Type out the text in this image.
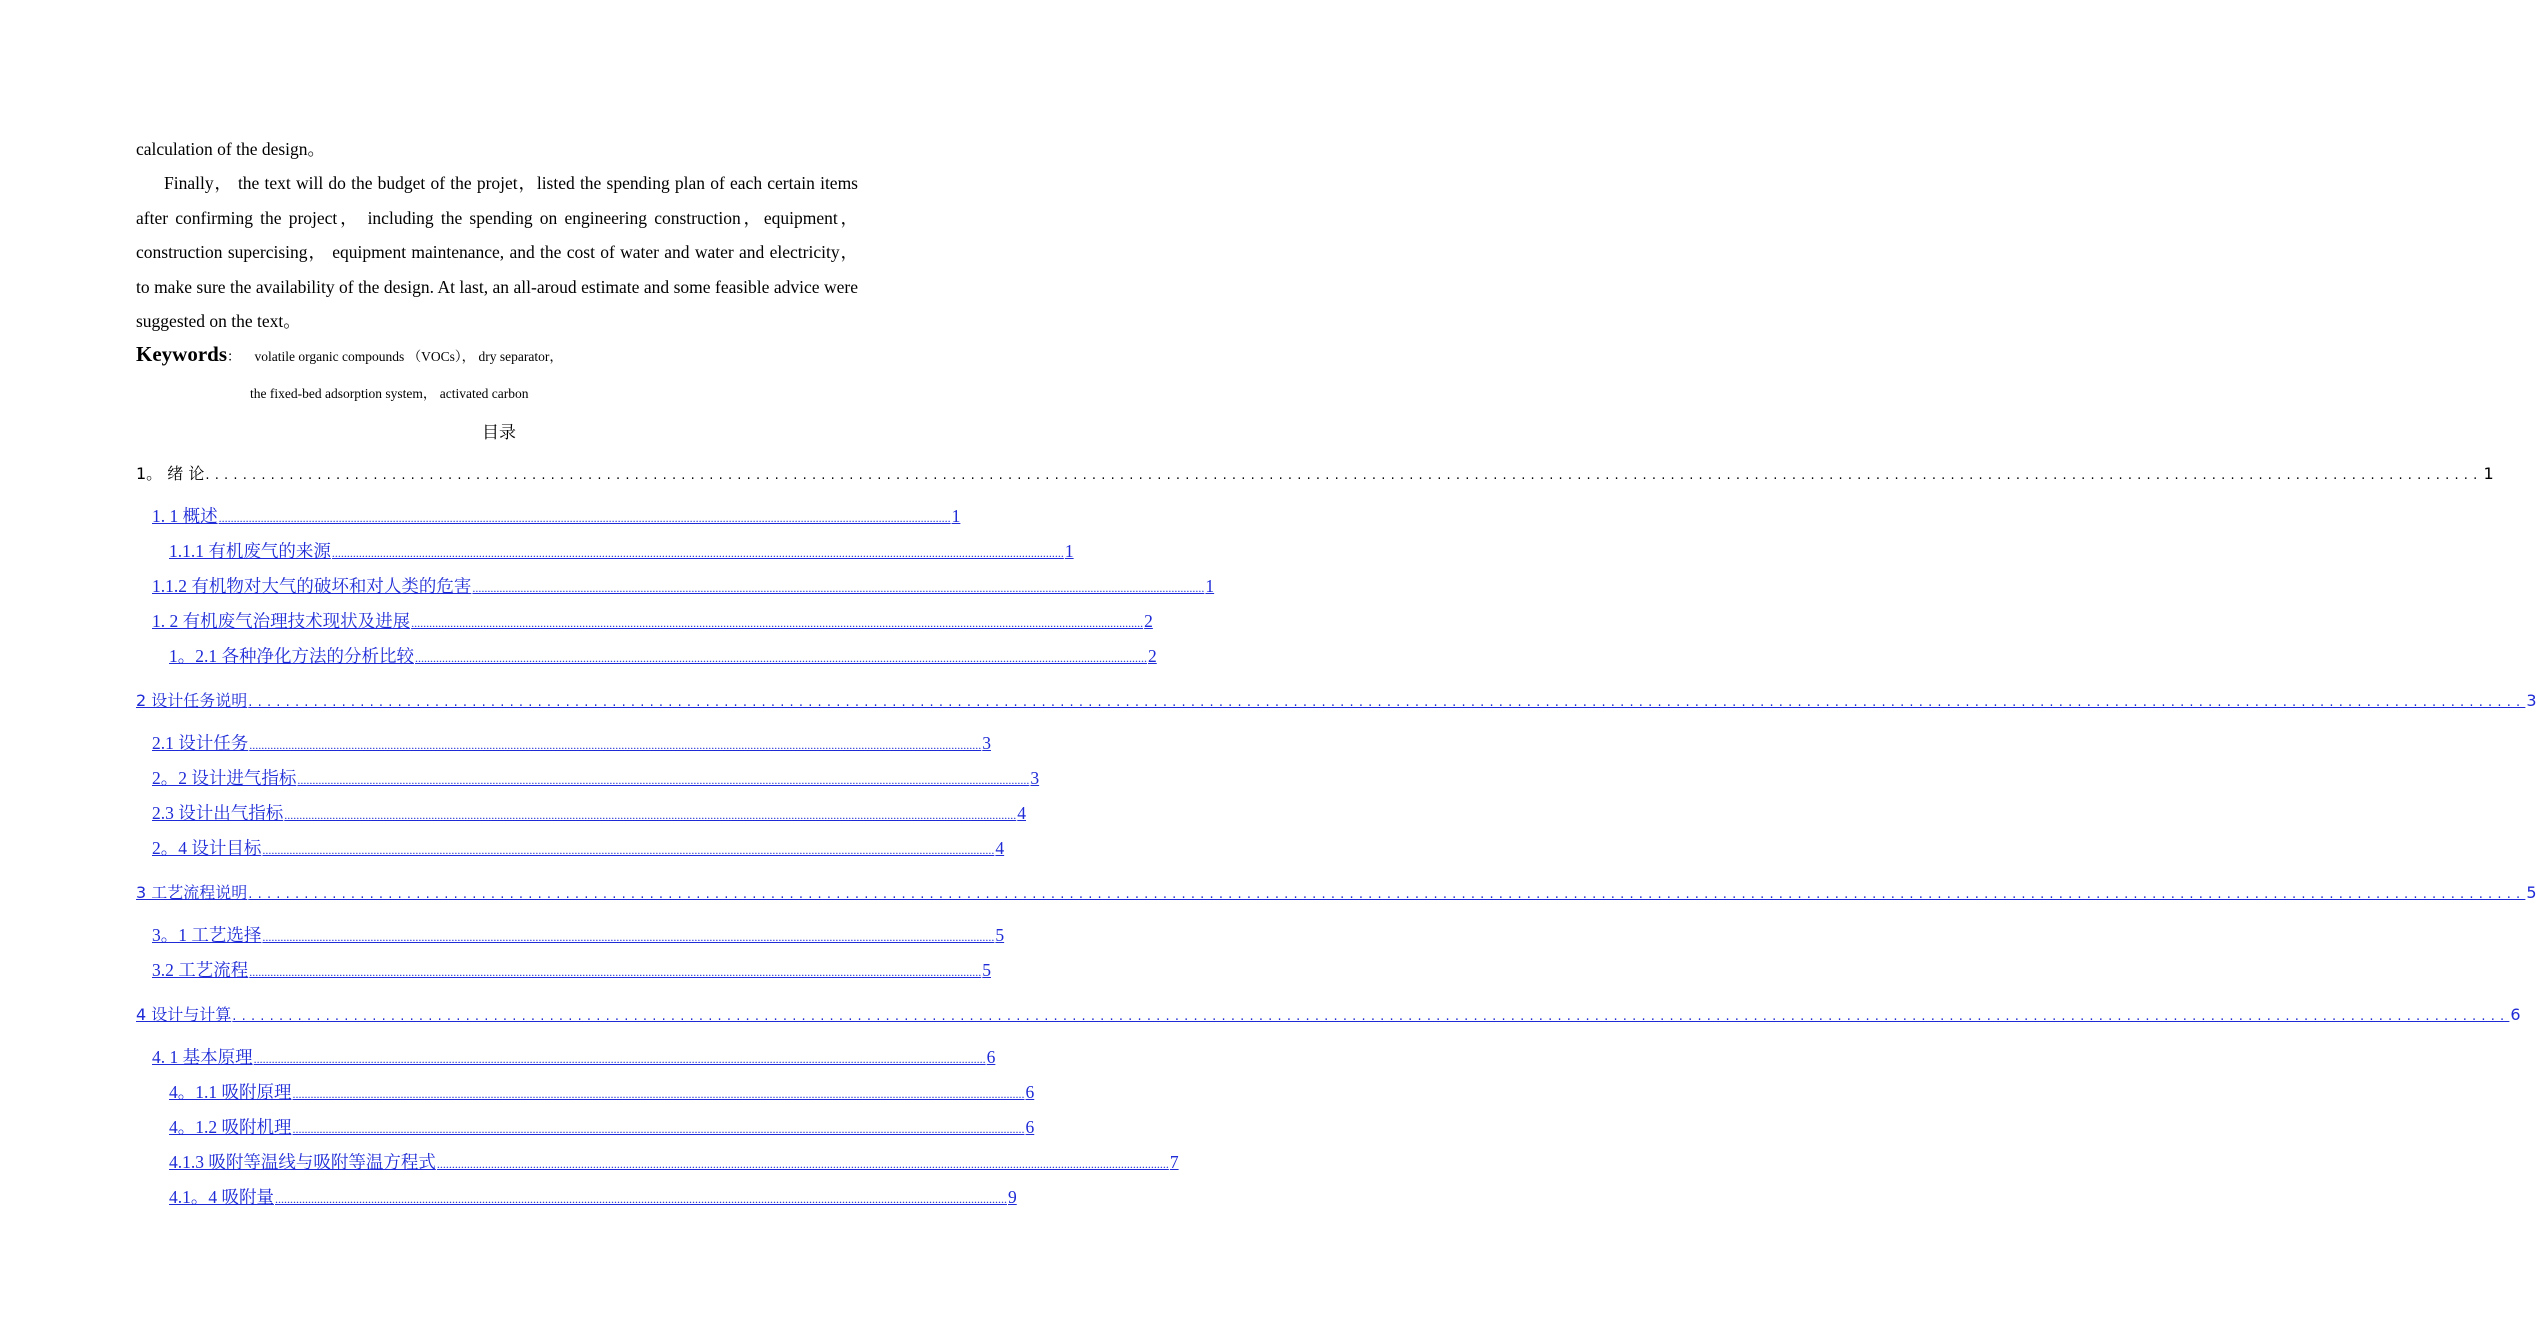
calculation of the design。

Finally， the text will do the budget of the projet，listed the spending plan of each certain items after confirming the project， including the spending on engineering construction，equipment，construction supercising， equipment maintenance, and the cost of water and water and electricity， to make sure the availability of the design. At last, an all-aroud estimate and some feasible advice were suggested on the text。

Keywords： volatile organic compounds （VOCs）， dry separator，
the fixed-bed adsorption system， activated carbon
目录
1。 绪 论 .................................................................................................................................................................................................................................................... 1
1. 1 概述 .................................................................................................................................................................................................................................................... 1
1.1.1 有机废气的来源 .................................................................................................................................................................................................................................................... 1
1.1.2 有机物对大气的破坏和对人类的危害 .................................................................................................................................................................................................................................................... 1
1. 2 有机废气治理技术现状及进展 .................................................................................................................................................................................................................................................... 2
1。2.1 各种净化方法的分析比较 .................................................................................................................................................................................................................................................... 2
2 设计任务说明 .................................................................................................................................................................................................................................................... 3
2.1 设计任务 .................................................................................................................................................................................................................................................... 3
2。2 设计进气指标 .................................................................................................................................................................................................................................................... 3
2.3 设计出气指标 .................................................................................................................................................................................................................................................... 4
2。4 设计目标 .................................................................................................................................................................................................................................................... 4
3 工艺流程说明 .................................................................................................................................................................................................................................................... 5
3。1 工艺选择 .................................................................................................................................................................................................................................................... 5
3.2 工艺流程 .................................................................................................................................................................................................................................................... 5
4 设计与计算 .................................................................................................................................................................................................................................................... 6
4. 1 基本原理 .................................................................................................................................................................................................................................................... 6
4。1.1 吸附原理 .................................................................................................................................................................................................................................................... 6
4。1.2 吸附机理 .................................................................................................................................................................................................................................................... 6
4.1.3 吸附等温线与吸附等温方程式 .................................................................................................................................................................................................................................................... 7
4.1。4 吸附量 .................................................................................................................................................................................................................................................... 9
